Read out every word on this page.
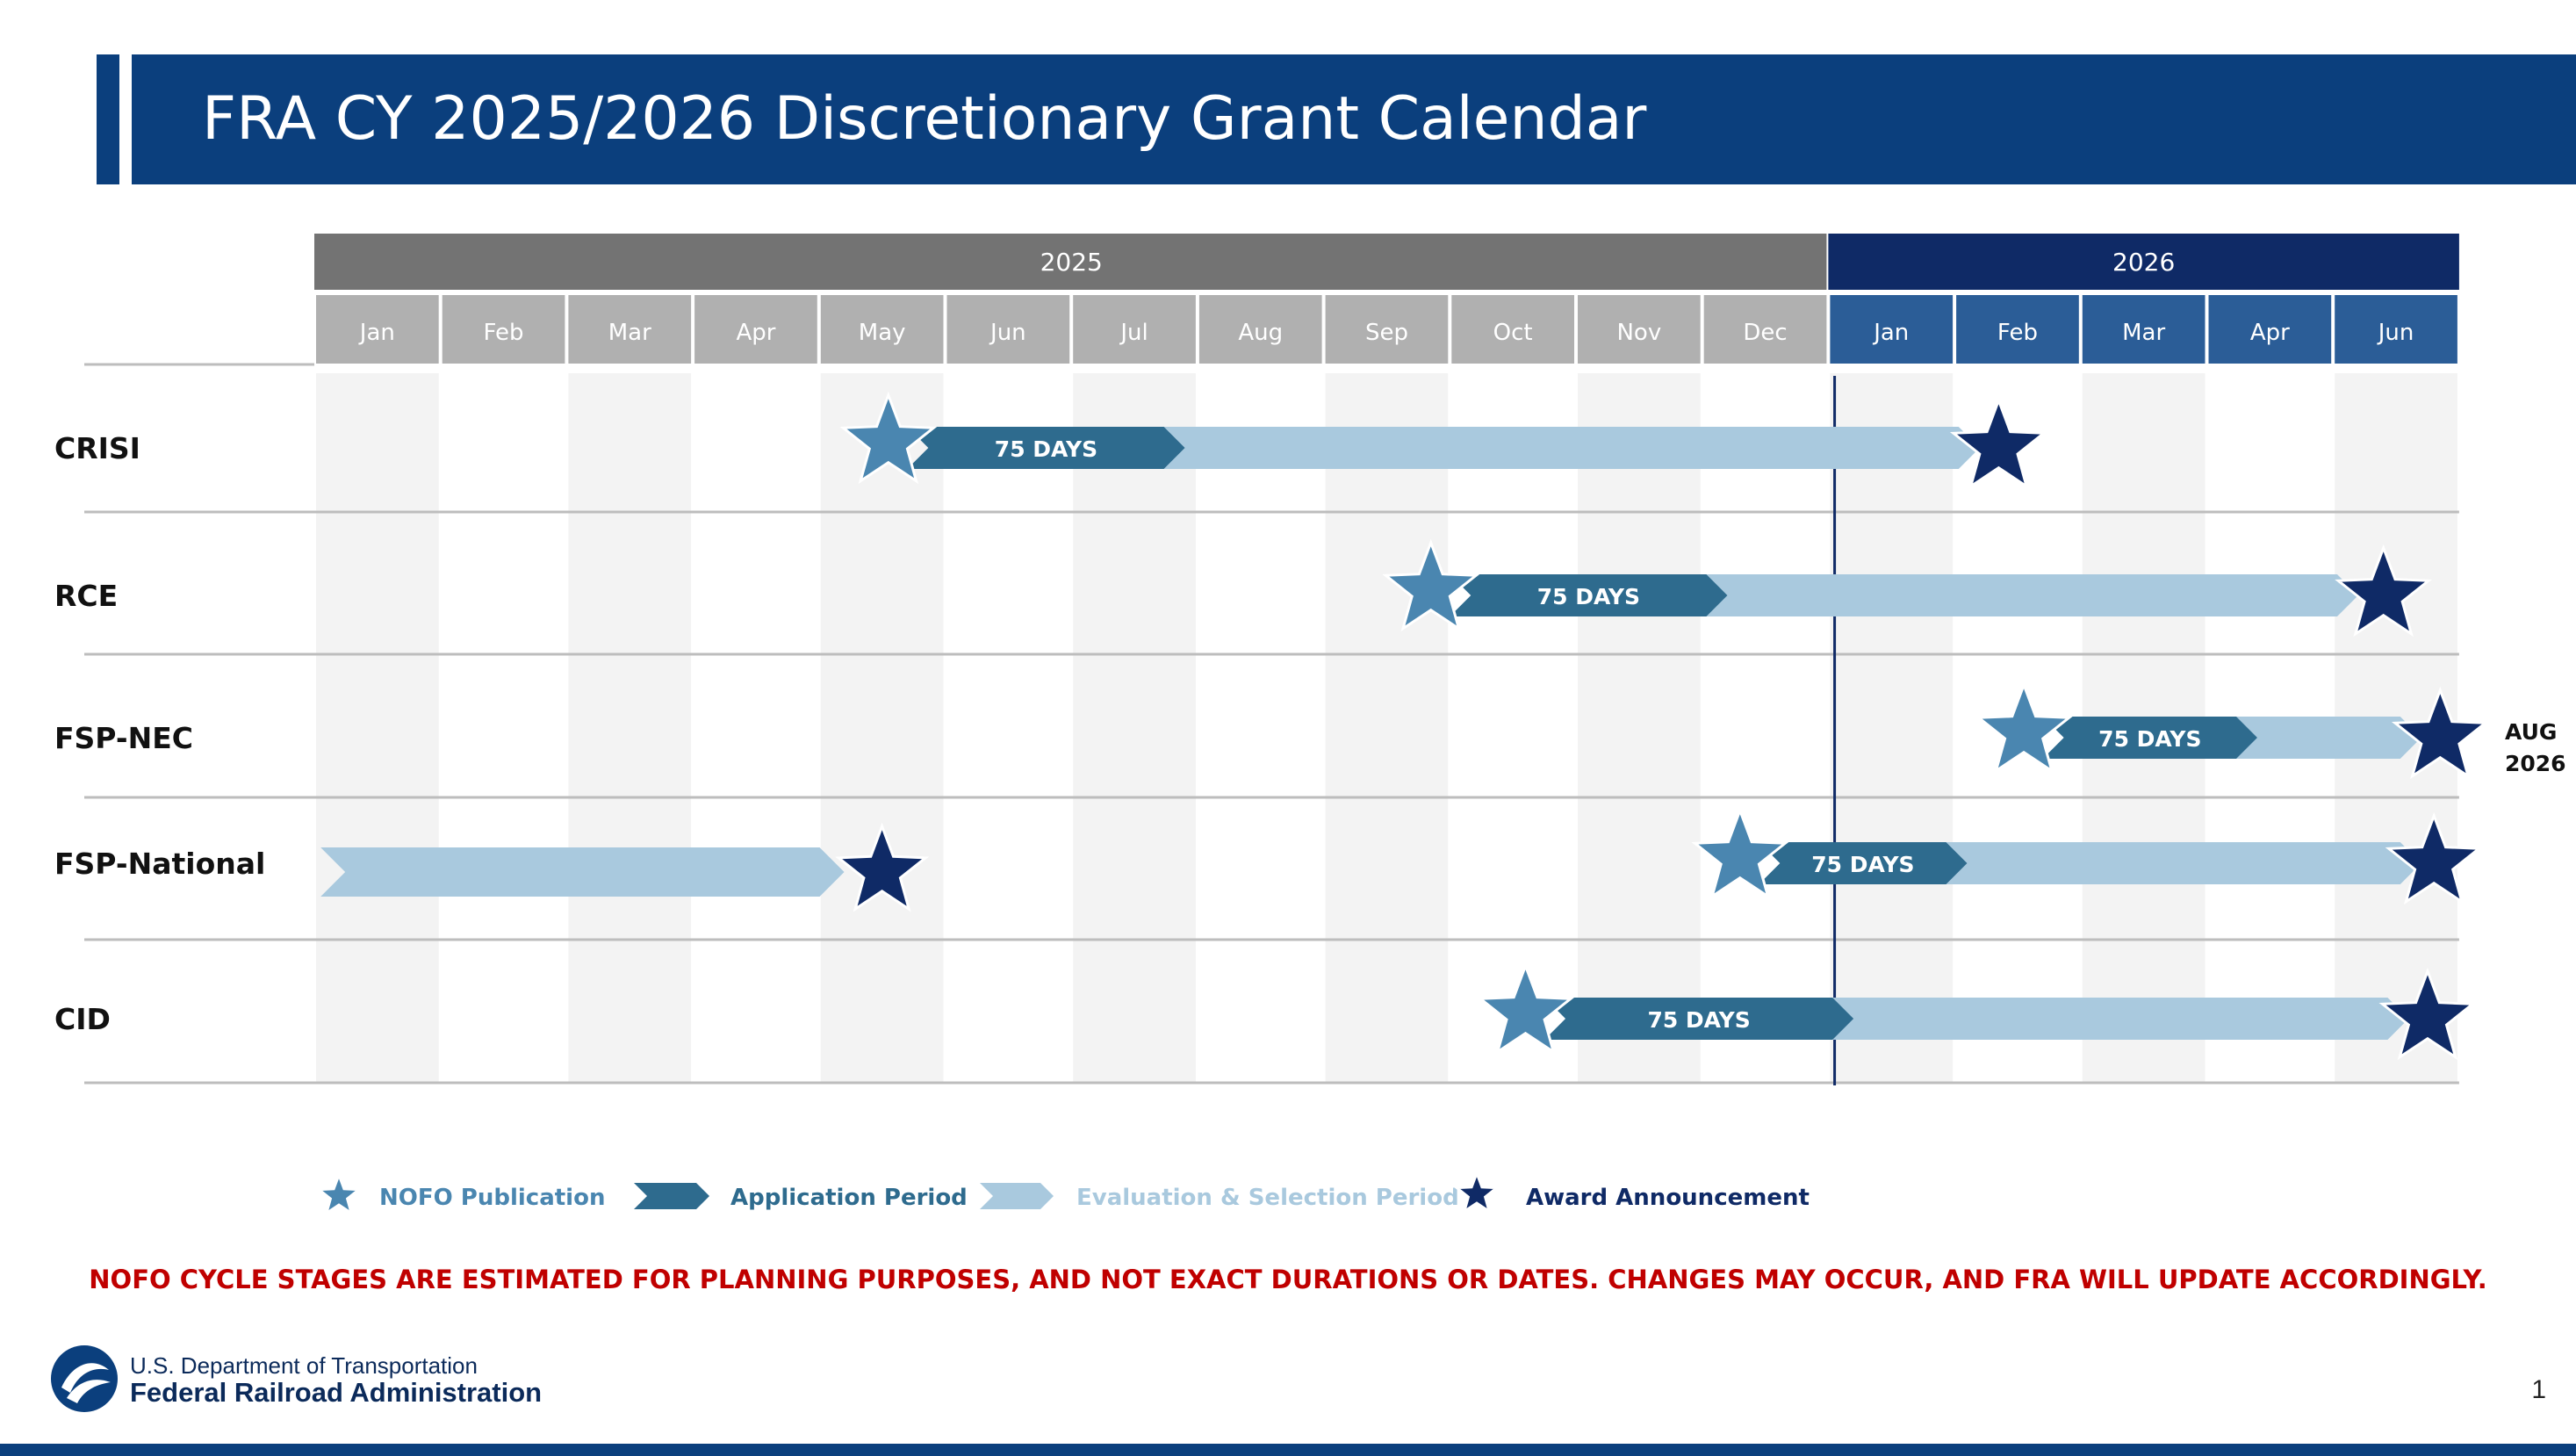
FRA CY 2025/2026 Discretionary Grant Calendar
2025	2026
Jan	Feb	Mar	Apr	May	Jun	Jul	Aug	Sep	Oct	Nov	Dec	Jan	Feb	Mar	Apr	Jun
CRISI	75 DAYS
RCE	75 DAYS
FSP-NEC	75 DAYS	AUG
2026
FSP-National	75 DAYS
CID	75 DAYS
NOFO Publication	Application Period	Evaluation & Selection Period	Award Announcement
NOFO CYCLE STAGES ARE ESTIMATED FOR PLANNING PURPOSES, AND NOT EXACT DURATIONS OR DATES. CHANGES MAY OCCUR, AND FRA WILL UPDATE ACCORDINGLY.
U.S. Department of Transportation
Federal Railroad Administration	1
